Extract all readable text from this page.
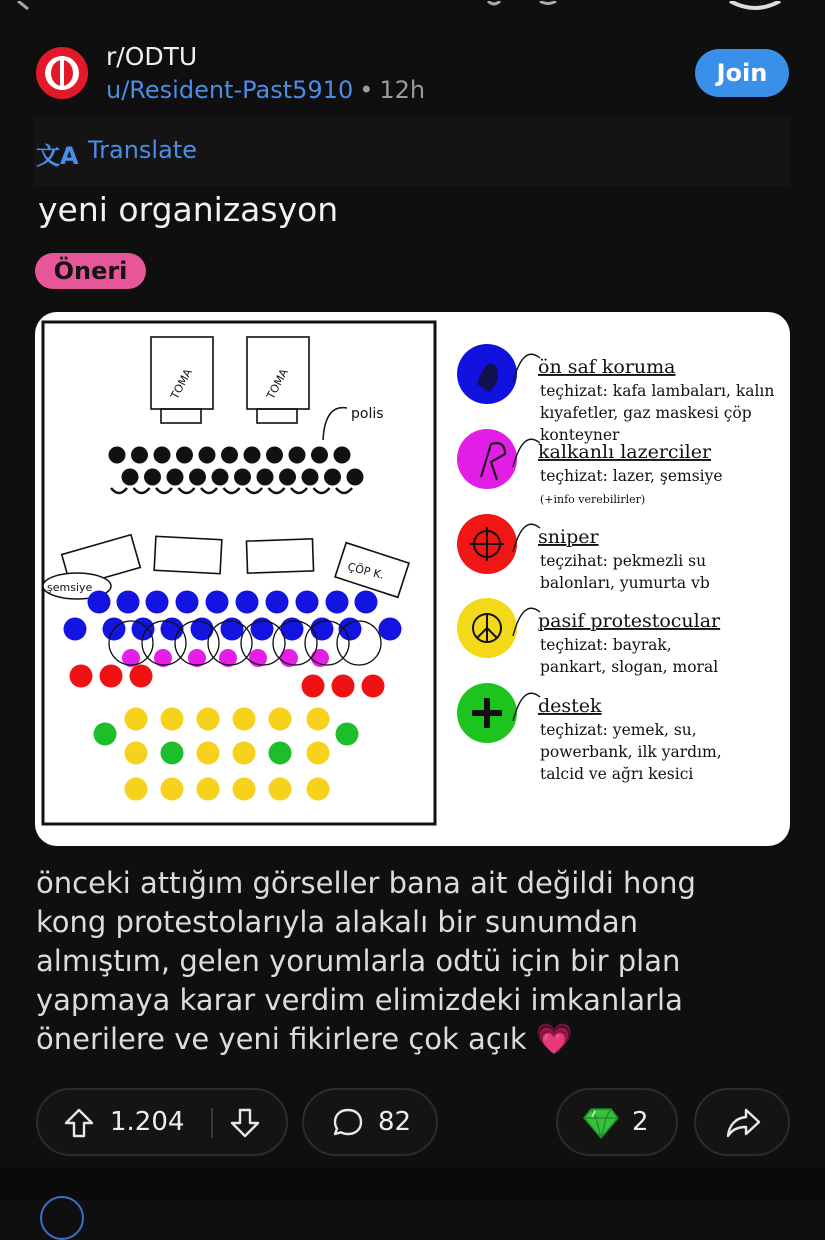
r/ODTU
u/Resident-Past5910 • 12h
Join
文A Translate
yeni organizasyon
Öneri
TOMA	TOMA
polis
ÇÖP K.
şemsiye
ön saf koruma
teçhizat: kafa lambaları, kalın
kıyafetler, gaz maskesi çöp
konteyner
kalkanlı lazerciler
teçhizat: lazer, şemsiye
(+info verebilirler)
sniper
teçzihat: pekmezli su
balonları, yumurta vb
pasif protestocular
teçhizat: bayrak,
pankart, slogan, moral
destek
teçhizat: yemek, su,
powerbank, ilk yardım,
talcid ve ağrı kesici

önceki attığım görseller bana ait değildi hong

kong protestolarıyla alakalı bir sunumdan

almıştım, gelen yorumlarla odtü için bir plan

yapmaya karar verdim elimizdeki imkanlarla

önerilere ve yeni fikirlere çok açık 💗

1.204	82	2
